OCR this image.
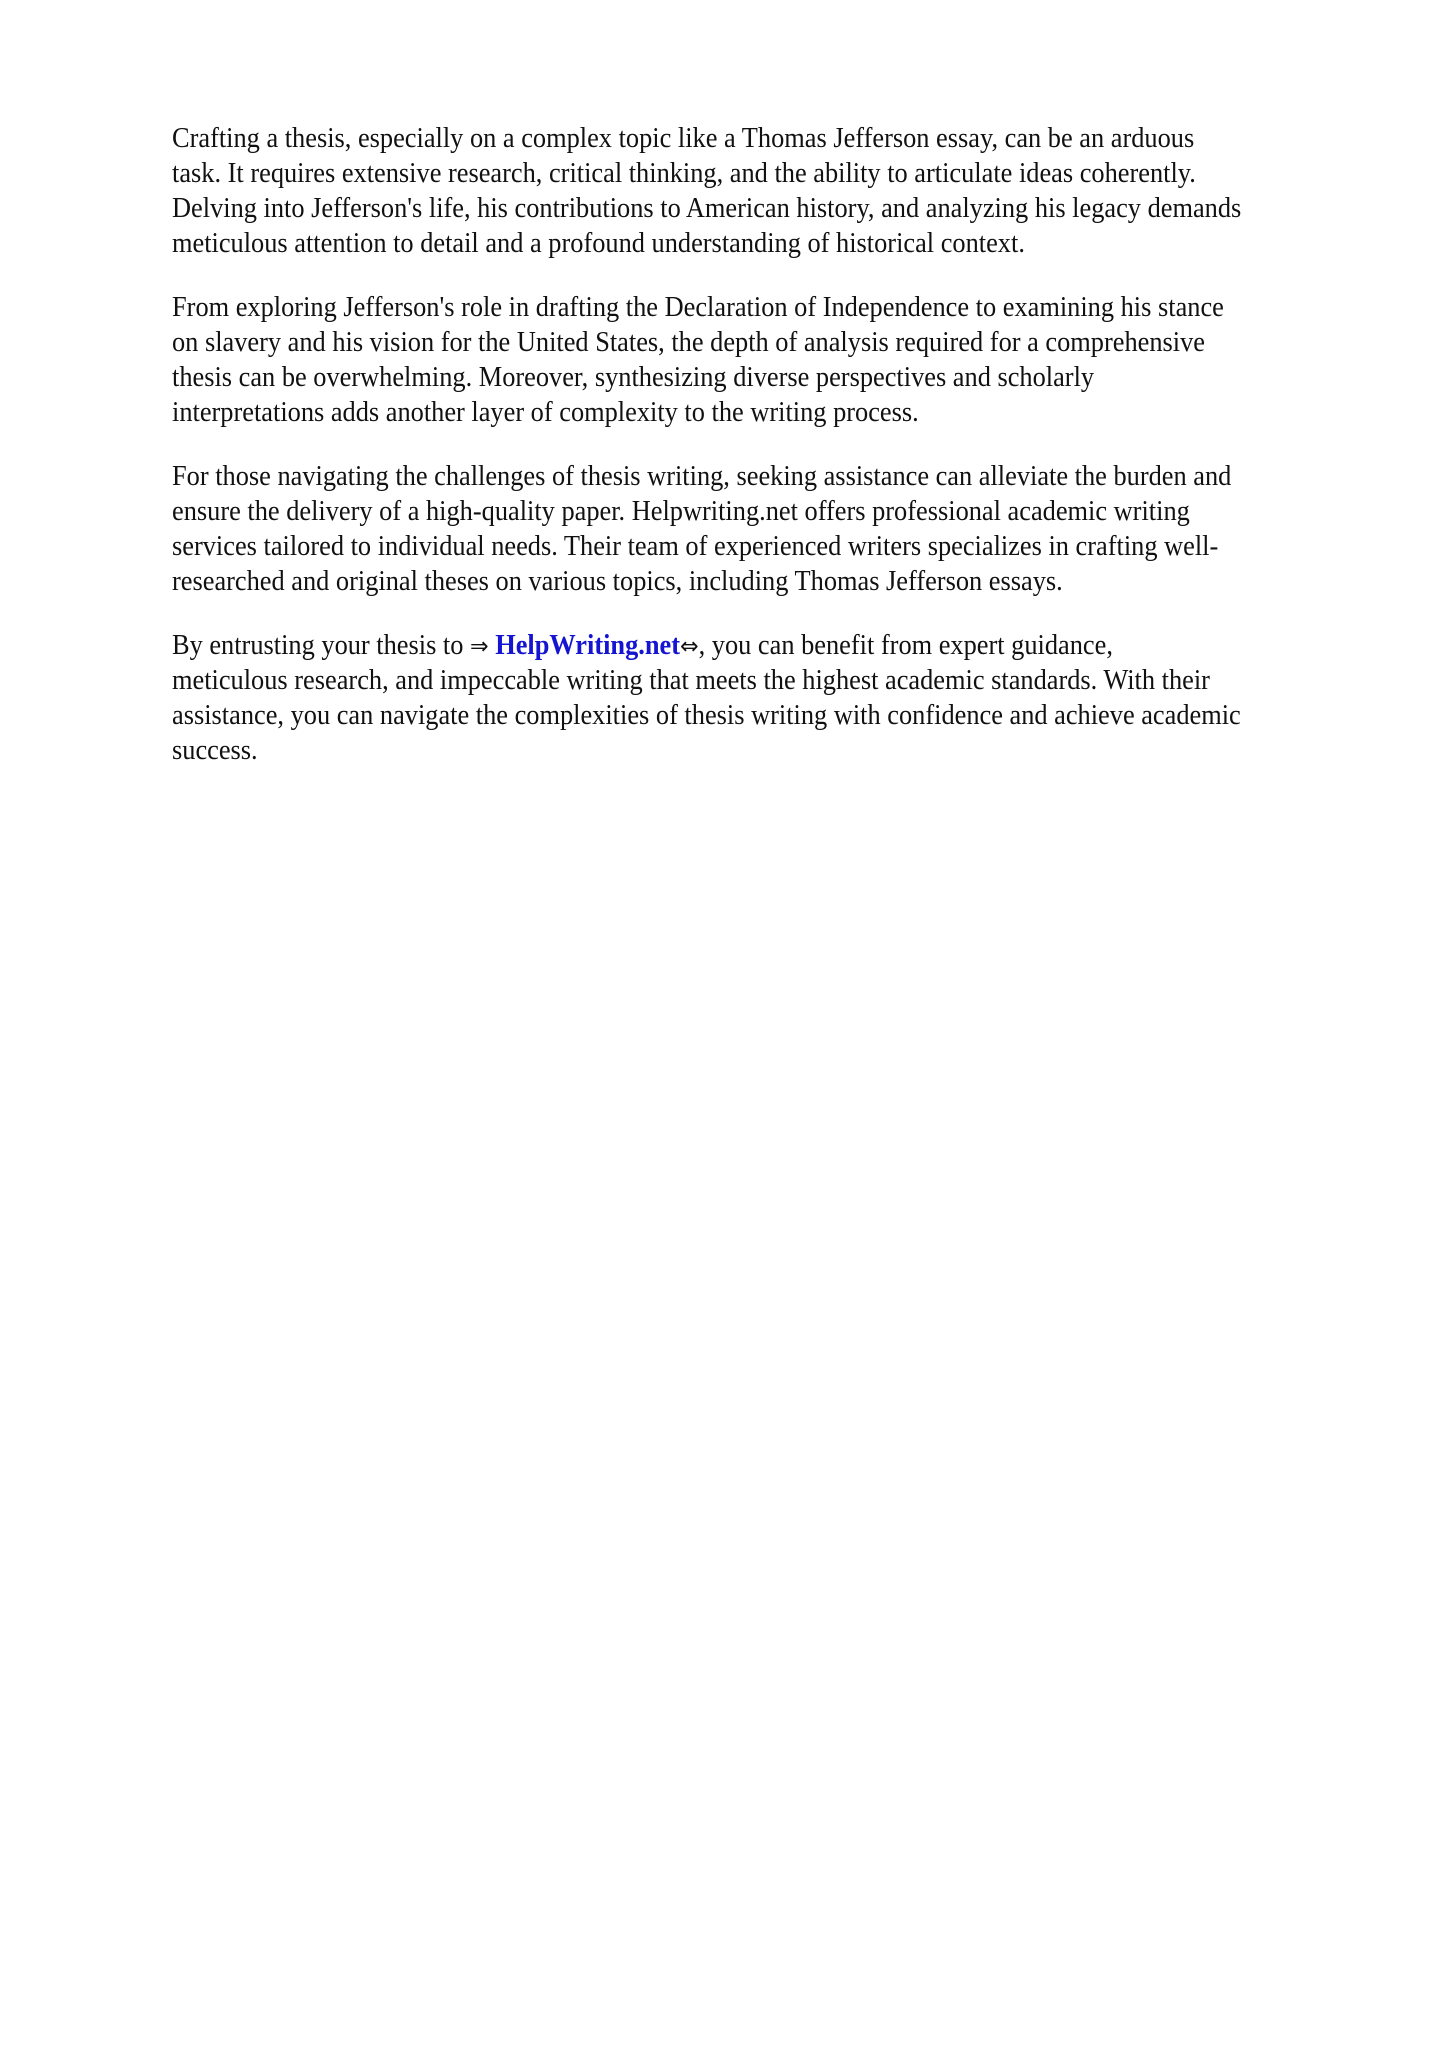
Crafting a thesis, especially on a complex topic like a Thomas Jefferson essay, can be an arduous
task. It requires extensive research, critical thinking, and the ability to articulate ideas coherently.
Delving into Jefferson's life, his contributions to American history, and analyzing his legacy demands
meticulous attention to detail and a profound understanding of historical context.

From exploring Jefferson's role in drafting the Declaration of Independence to examining his stance
on slavery and his vision for the United States, the depth of analysis required for a comprehensive
thesis can be overwhelming. Moreover, synthesizing diverse perspectives and scholarly
interpretations adds another layer of complexity to the writing process.

For those navigating the challenges of thesis writing, seeking assistance can alleviate the burden and
ensure the delivery of a high-quality paper. Helpwriting.net offers professional academic writing
services tailored to individual needs. Their team of experienced writers specializes in crafting well-
researched and original theses on various topics, including Thomas Jefferson essays.

By entrusting your thesis to ⇒ HelpWriting.net⇔, you can benefit from expert guidance,
meticulous research, and impeccable writing that meets the highest academic standards. With their
assistance, you can navigate the complexities of thesis writing with confidence and achieve academic
success.
